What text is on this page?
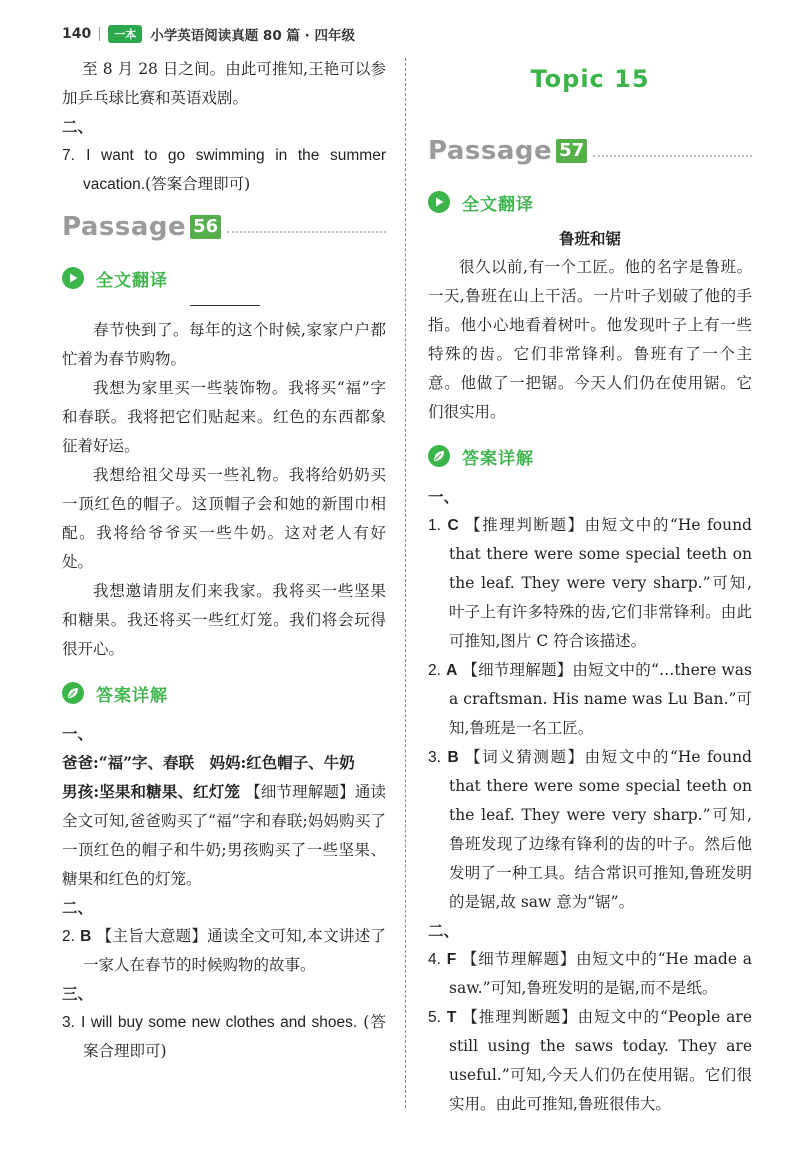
140	一本	小学英语阅读真题 80 篇 · 四年级

至 8 月 28 日之间。由此可推知,王艳可以参加乒乓球比赛和英语戏剧。

二、

7. I want to go swimming in the summer vacation.(答案合理即可)

Passage 56
全文翻译

春节快到了。每年的这个时候,家家户户都忙着为春节购物。

我想为家里买一些装饰物。我将买“福”字和春联。我将把它们贴起来。红色的东西都象征着好运。

我想给祖父母买一些礼物。我将给奶奶买一顶红色的帽子。这顶帽子会和她的新围巾相配。我将给爷爷买一些牛奶。这对老人有好处。

我想邀请朋友们来我家。我将买一些坚果和糖果。我还将买一些红灯笼。我们将会玩得很开心。

答案详解

一、

爸爸:“福”字、春联　妈妈:红色帽子、牛奶

男孩:坚果和糖果、红灯笼 【细节理解题】通读全文可知,爸爸购买了“福”字和春联;妈妈购买了一顶红色的帽子和牛奶;男孩购买了一些坚果、糖果和红色的灯笼。

二、

2. B 【主旨大意题】通读全文可知,本文讲述了一家人在春节的时候购物的故事。

三、

3. I will buy some new clothes and shoes. (答案合理即可)

Topic 15

Passage 57
全文翻译

鲁班和锯

很久以前,有一个工匠。他的名字是鲁班。一天,鲁班在山上干活。一片叶子划破了他的手指。他小心地看着树叶。他发现叶子上有一些特殊的齿。它们非常锋利。鲁班有了一个主意。他做了一把锯。今天人们仍在使用锯。它们很实用。

答案详解

一、

1. C 【推理判断题】由短文中的“He found that there were some special teeth on the leaf. They were very sharp.”可知,叶子上有许多特殊的齿,它们非常锋利。由此可推知,图片 C 符合该描述。

2. A 【细节理解题】由短文中的“…there was a craftsman. His name was Lu Ban.”可知,鲁班是一名工匠。

3. B 【词义猜测题】由短文中的“He found that there were some special teeth on the leaf. They were very sharp.”可知,鲁班发现了边缘有锋利的齿的叶子。然后他发明了一种工具。结合常识可推知,鲁班发明的是锯,故 saw 意为“锯”。

二、

4. F 【细节理解题】由短文中的“He made a saw.”可知,鲁班发明的是锯,而不是纸。

5. T 【推理判断题】由短文中的“People are still using the saws today. They are useful.”可知,今天人们仍在使用锯。它们很实用。由此可推知,鲁班很伟大。
